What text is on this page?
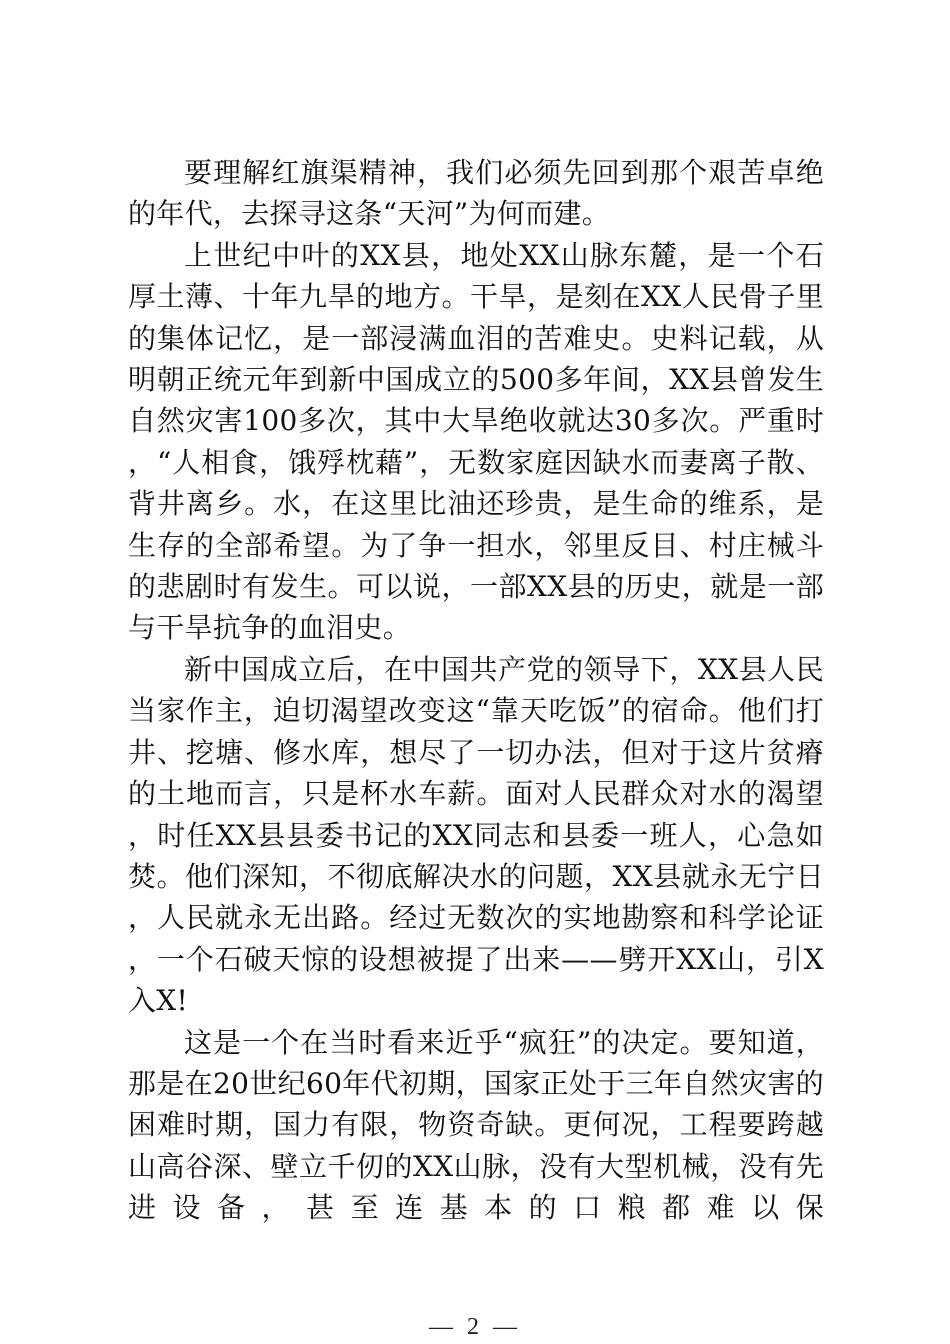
要理解红旗渠精神，我们必须先回到那个艰苦卓绝的年代，去探寻这条“天河”为何而建。

上世纪中叶的XX县，地处XX山脉东麓，是一个石厚土薄、十年九旱的地方。干旱，是刻在XX人民骨子里的集体记忆，是一部浸满血泪的苦难史。史料记载，从明朝正统元年到新中国成立的500多年间，XX县曾发生自然灾害100多次，其中大旱绝收就达30多次。严重时，“人相食，饿殍枕藉”，无数家庭因缺水而妻离子散、背井离乡。水，在这里比油还珍贵，是生命的维系，是生存的全部希望。为了争一担水，邻里反目、村庄械斗的悲剧时有发生。可以说，一部XX县的历史，就是一部与干旱抗争的血泪史。

新中国成立后，在中国共产党的领导下，XX县人民当家作主，迫切渴望改变这“靠天吃饭”的宿命。他们打井、挖塘、修水库，想尽了一切办法，但对于这片贫瘠的土地而言，只是杯水车薪。面对人民群众对水的渴望，时任XX县县委书记的XX同志和县委一班人，心急如焚。他们深知，不彻底解决水的问题，XX县就永无宁日，人民就永无出路。经过无数次的实地勘察和科学论证，一个石破天惊的设想被提了出来——劈开XX山，引X入X!

这是一个在当时看来近乎“疯狂”的决定。要知道，那是在20世纪60年代初期，国家正处于三年自然灾害的困难时期，国力有限，物资奇缺。更何况，工程要跨越山高谷深、壁立千仞的XX山脉，没有大型机械，没有先进设备，甚至连基本的口粮都难以保

— 2 —
